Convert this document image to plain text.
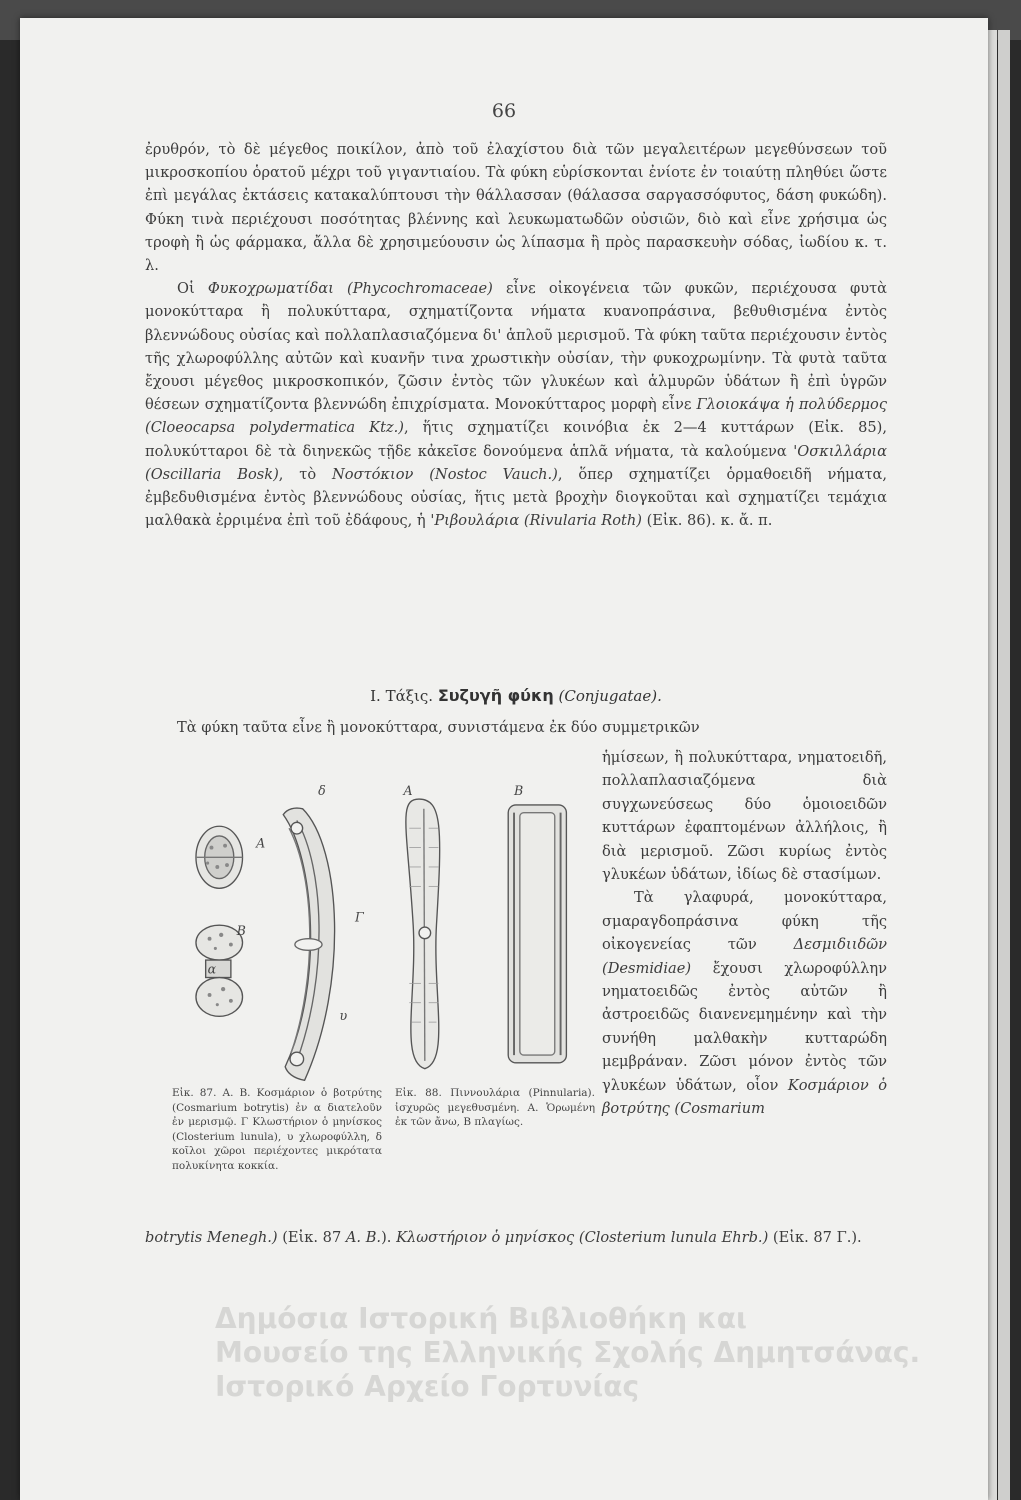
66

ἐρυθρόν, τὸ δὲ μέγεθος ποικίλον, ἀπὸ τοῦ ἐλαχίστου διὰ τῶν μεγαλειτέρων μεγεθύνσεων τοῦ μικροσκοπίου ὁρατοῦ μέχρι τοῦ γιγαντιαίου. Τὰ φύκη εὑρίσκονται ἐνίοτε ἐν τοιαύτῃ πληθύει ὥστε ἐπὶ μεγάλας ἐκτάσεις κατακαλύπτουσι τὴν θάλλασσαν (θάλασσα σαργασσόφυτος, δάση φυκώδη). Φύκη τινὰ περιέχουσι ποσότητας βλέννης καὶ λευκωματωδῶν οὐσιῶν, διὸ καὶ εἶνε χρήσιμα ὡς τροφὴ ἢ ὡς φάρμακα, ἄλλα δὲ χρησιμεύουσιν ὡς λίπασμα ἢ πρὸς παρασκευὴν σόδας, ἰωδίου κ. τ. λ.

Οἱ Φυκοχρωματίδαι (Phycochromaceae) εἶνε οἰκογένεια τῶν φυκῶν, περιέχουσα φυτὰ μονοκύτταρα ἢ πολυκύτταρα, σχηματίζοντα νήματα κυανοπράσινα, βεθυθισμένα ἐντὸς βλεννώδους οὐσίας καὶ πολλαπλασιαζόμενα δι' ἁπλοῦ μερισμοῦ. Τὰ φύκη ταῦτα περιέχουσιν ἐντὸς τῆς χλωροφύλλης αὐτῶν καὶ κυανῆν τινα χρωστικὴν οὐσίαν, τὴν φυκοχρωμίνην. Τὰ φυτὰ ταῦτα ἔχουσι μέγεθος μικροσκοπικόν, ζῶσιν ἐντὸς τῶν γλυκέων καὶ ἁλμυρῶν ὑδάτων ἢ ἐπὶ ὑγρῶν θέσεων σχηματίζοντα βλεννώδη ἐπιχρίσματα. Μονοκύτταρος μορφὴ εἶνε Γλοιοκάψα ἡ πολύδερμος (Cloeocapsa polydermatica Ktz.), ἥτις σχηματίζει κοινόβια ἐκ 2—4 κυττάρων (Εἰκ. 85), πολυκύτταροι δὲ τὰ διηνεκῶς τῇδε κἀκεῖσε δονούμενα ἁπλᾶ νήματα, τὰ καλούμενα 'Οσκιλλάρια (Oscillaria Bosk), τὸ Νοστόκιον (Nostoc Vauch.), ὅπερ σχηματίζει ὁρμαθοειδῆ νήματα, ἐμβεδυθισμένα ἐντὸς βλεννώδους οὐσίας, ἥτις μετὰ βροχὴν διογκοῦται καὶ σχηματίζει τεμάχια μαλθακὰ ἐρριμένα ἐπὶ τοῦ ἐδάφους, ἡ 'Ριβουλάρια (Rivularia Roth) (Εἰκ. 86). κ. ἄ. π.

I. Τάξις. Συζυγῆ φύκη (Conjugatae).
Τὰ φύκη ταῦτα εἶνε ἢ μονοκύτταρα, συνιστάμενα ἐκ δύο συμμετρικῶν

ἡμίσεων, ἢ πολυκύτταρα, νηματοειδῆ, πολλαπλασιαζόμενα διὰ συγχωνεύσεως δύο ὁμοιοειδῶν κυττάρων ἐφαπτομένων ἀλλήλοις, ἢ διὰ μερισμοῦ. Ζῶσι κυρίως ἐντὸς γλυκέων ὑδάτων, ἰδίως δὲ στασίμων.

Τὰ γλαφυρά, μονοκύτταρα, σμαραγδοπράσινα φύκη τῆς οἰκογενείας τῶν Δεσμιδιιδῶν (Desmidiae) ἔχουσι χλωροφύλλην νηματοειδῶς ἐντὸς αὐτῶν ἢ ἀστροειδῶς διανενεμημένην καὶ τὴν συνήθη μαλθακὴν κυτταρώδη μεμβράναν. Ζῶσι μόνον ἐντὸς τῶν γλυκέων ὑδάτων, οἷον Κοσμάριον ὁ βοτρύτης (Cosmarium

A
B
Γ
υ
δ
α
A	B

Εἰκ. 87. Α. Β. Κοσμάριον ὁ βοτρύτης (Cosmarium botrytis) ἐν α διατελοῦν ἐν μερισμῷ. Γ Κλωστήριον ὁ μηνίσκος (Closterium lunula), υ χλωροφύλλη, δ κοῖλοι χῶροι περιέχοντες μικρότατα πολυκίνητα κοκκία.

Εἰκ. 88. Πιννουλάρια (Pinnularia). ἰσχυρῶς μεγεθυσμένη. Α. Ὁρωμένη ἐκ τῶν ἄνω, Β πλαγίως.

botrytis Menegh.) (Εἰκ. 87 Α. Β.). Κλωστήριον ὁ μηνίσκος (Closterium lunula Ehrb.) (Εἰκ. 87 Γ.).
Δημόσια Ιστορική Βιβλιοθήκη και
Μουσείο της Ελληνικής Σχολής Δημητσάνας.
Ιστορικό Αρχείο Γορτυνίας
